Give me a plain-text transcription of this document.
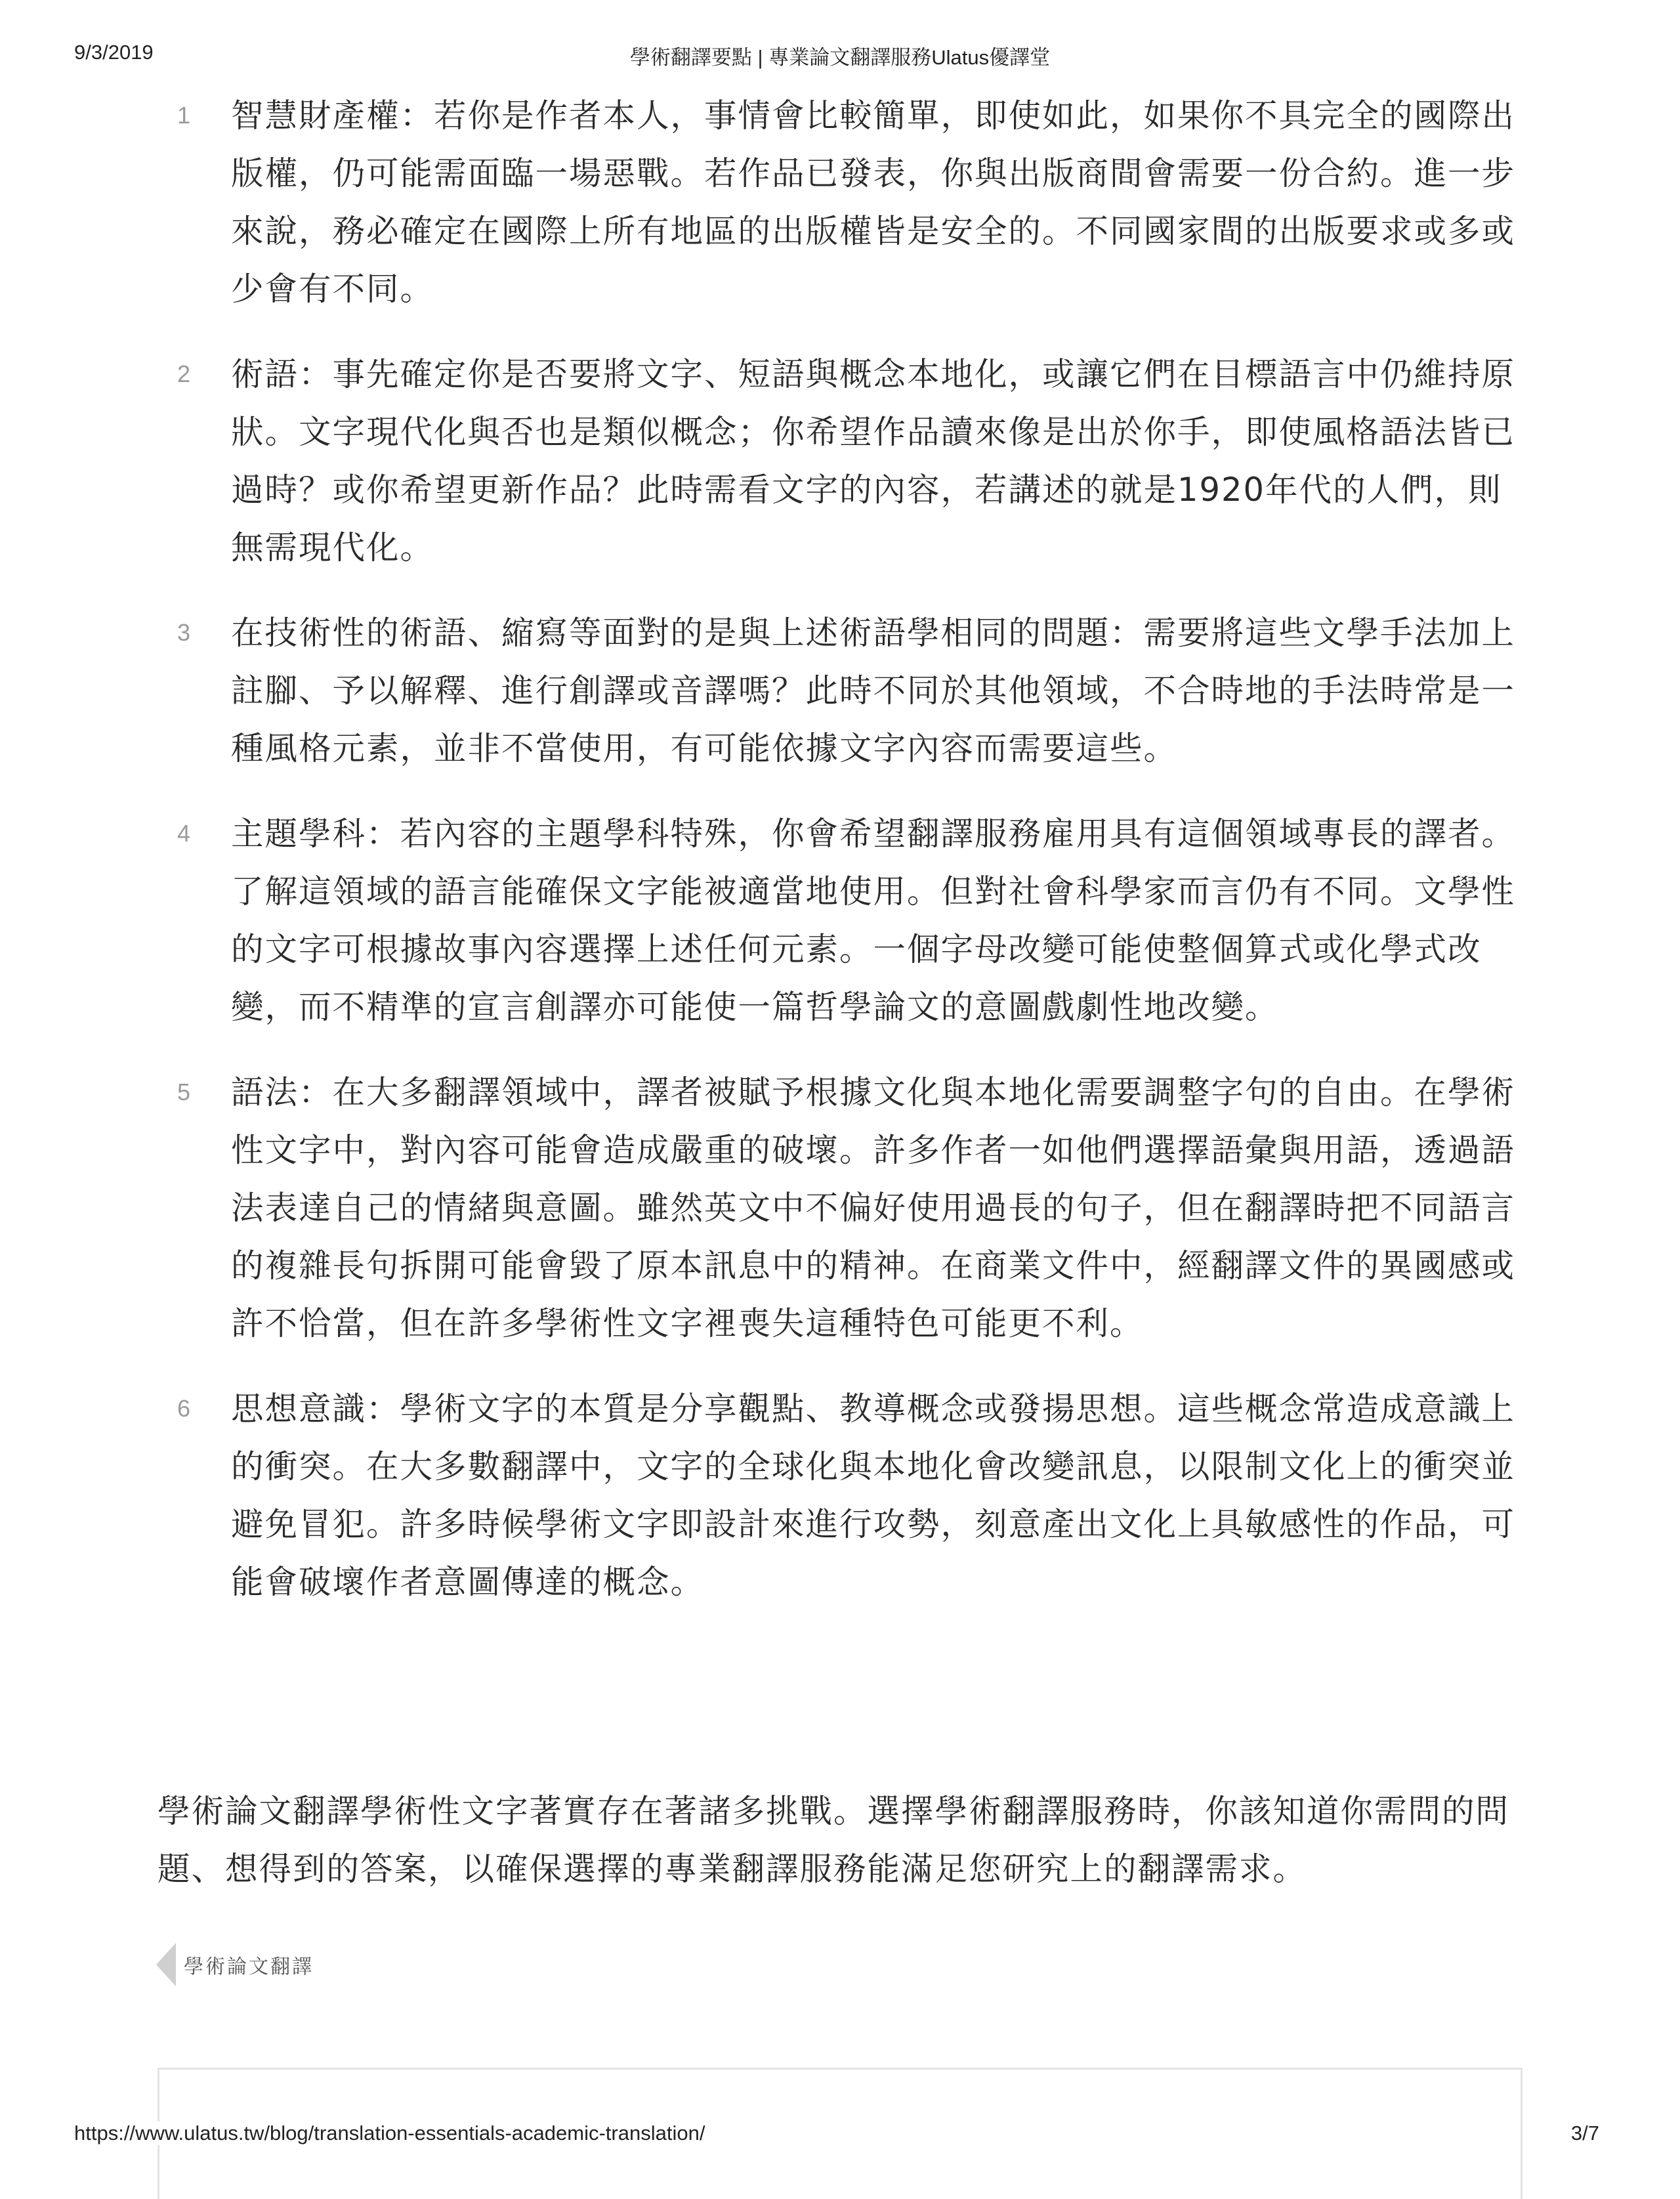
9/3/2019	學術翻譯要點 | 專業論文翻譯服務Ulatus優譯堂
1 智慧財產權：若你是作者本人，事情會比較簡單，即使如此，如果你不具完全的國際出版權，仍可能需面臨一場惡戰。若作品已發表，你與出版商間會需要一份合約。進一步來說，務必確定在國際上所有地區的出版權皆是安全的。不同國家間的出版要求或多或少會有不同。
2 術語：事先確定你是否要將文字、短語與概念本地化，或讓它們在目標語言中仍維持原狀。文字現代化與否也是類似概念；你希望作品讀來像是出於你手，即使風格語法皆已過時？或你希望更新作品？此時需看文字的內容，若講述的就是1920年代的人們，則無需現代化。
3 在技術性的術語、縮寫等面對的是與上述術語學相同的問題：需要將這些文學手法加上註腳、予以解釋、進行創譯或音譯嗎？此時不同於其他領域，不合時地的手法時常是一種風格元素，並非不當使用，有可能依據文字內容而需要這些。
4 主題學科：若內容的主題學科特殊，你會希望翻譯服務雇用具有這個領域專長的譯者。了解這領域的語言能確保文字能被適當地使用。但對社會科學家而言仍有不同。文學性的文字可根據故事內容選擇上述任何元素。一個字母改變可能使整個算式或化學式改變，而不精準的宣言創譯亦可能使一篇哲學論文的意圖戲劇性地改變。
5 語法：在大多翻譯領域中，譯者被賦予根據文化與本地化需要調整字句的自由。在學術性文字中，對內容可能會造成嚴重的破壞。許多作者一如他們選擇語彙與用語，透過語法表達自己的情緒與意圖。雖然英文中不偏好使用過長的句子，但在翻譯時把不同語言的複雜長句拆開可能會毀了原本訊息中的精神。在商業文件中，經翻譯文件的異國感或許不恰當，但在許多學術性文字裡喪失這種特色可能更不利。
6 思想意識：學術文字的本質是分享觀點、教導概念或發揚思想。這些概念常造成意識上的衝突。在大多數翻譯中，文字的全球化與本地化會改變訊息，以限制文化上的衝突並避免冒犯。許多時候學術文字即設計來進行攻勢，刻意產出文化上具敏感性的作品，可能會破壞作者意圖傳達的概念。

學術論文翻譯學術性文字著實存在著諸多挑戰。選擇學術翻譯服務時，你該知道你需問的問題、想得到的答案，以確保選擇的專業翻譯服務能滿足您研究上的翻譯需求。

學術論文翻譯
https://www.ulatus.tw/blog/translation-essentials-academic-translation/	3/7
